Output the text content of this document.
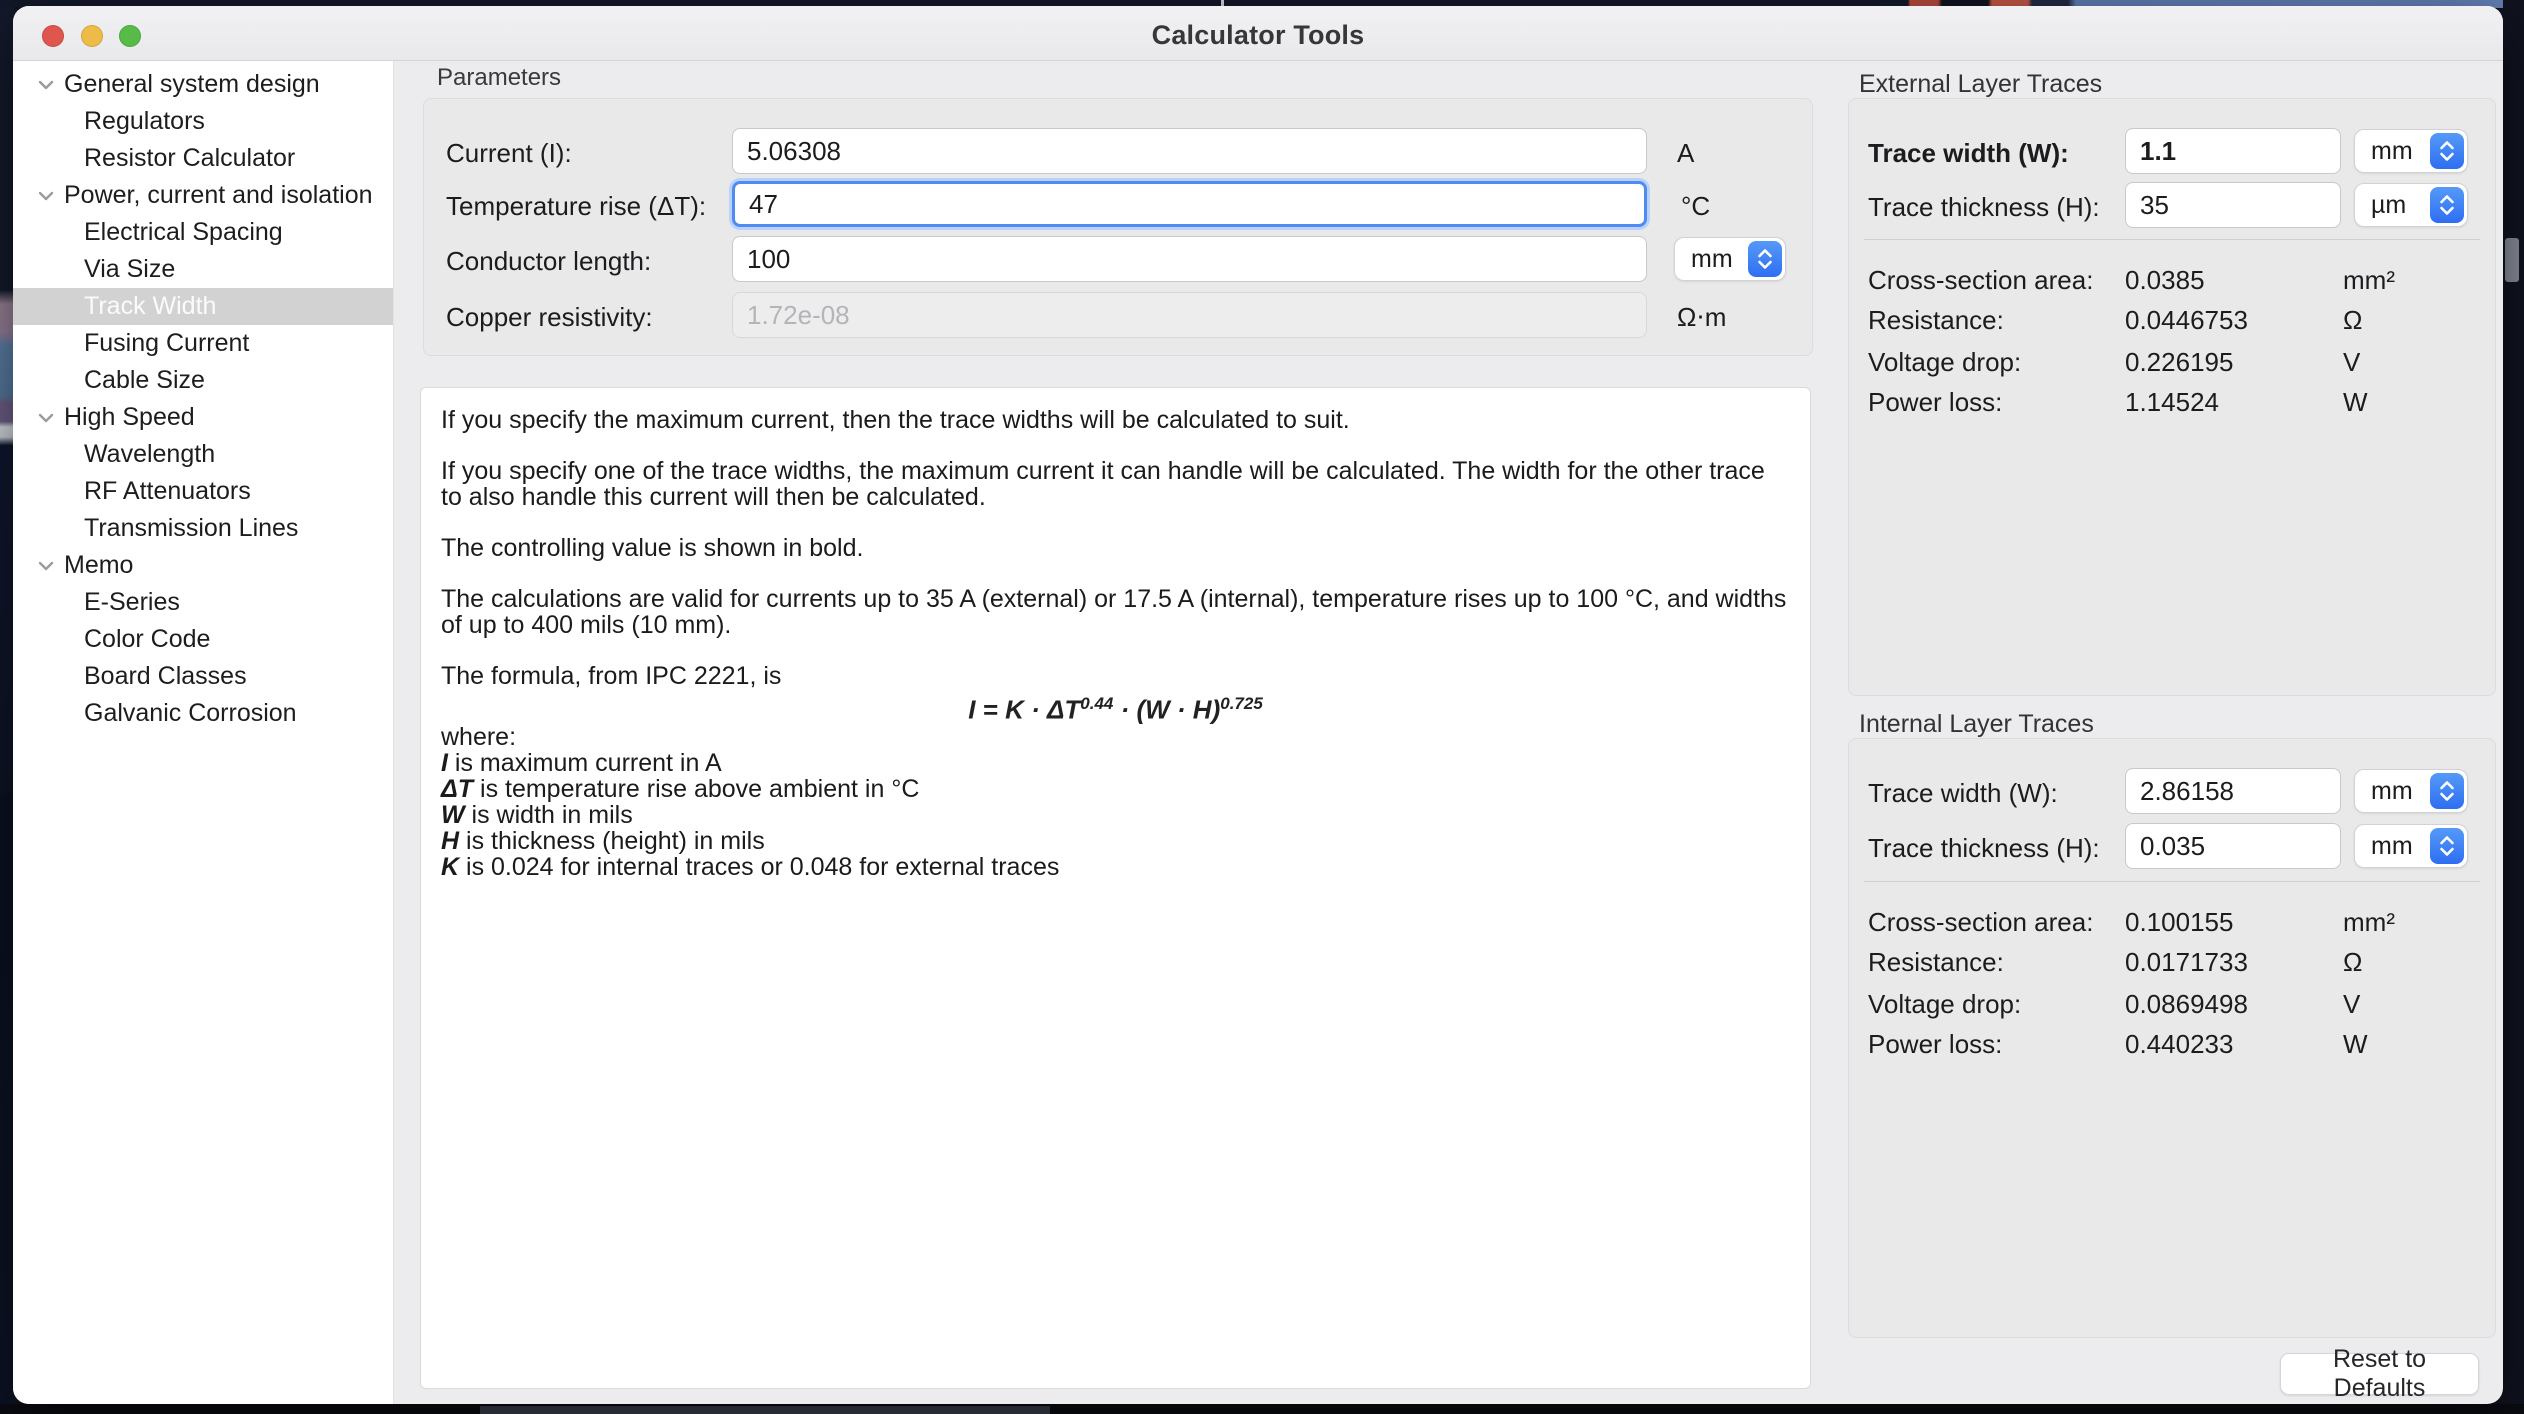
Calculator Tools
General system design
Regulators
Resistor Calculator
Power, current and isolation
Electrical Spacing
Via Size
Track Width
Fusing Current
Cable Size
High Speed
Wavelength
RF Attenuators
Transmission Lines
Memo
E-Series
Color Code
Board Classes
Galvanic Corrosion
Parameters
Current (I):
5.06308	A
Temperature rise (ΔT):
47	°C
Conductor length:
100	mm
Copper resistivity:
1.72e-08	Ω⋅m

If you specify the maximum current, then the trace widths will be calculated to suit.

If you specify one of the trace widths, the maximum current it can handle will be calculated. The width for the other trace to also handle this current will then be calculated.

The controlling value is shown in bold.

The calculations are valid for currents up to 35 A (external) or 17.5 A (internal), temperature rises up to 100 °C, and widths of up to 400 mils (10 mm).

The formula, from IPC 2221, is

$I = K \cdot \Delta T^{0.44} \cdot (W \cdot H)^{0.725}$

where:

I is maximum current in A

ΔT is temperature rise above ambient in °C

W is width in mils

H is thickness (height) in mils

K is 0.024 for internal traces or 0.048 for external traces

External Layer Traces
Trace width (W):
1.1	mm
Trace thickness (H):
35	µm
Cross-section area: 0.0385	mm²
Resistance:	0.0446753	Ω
Voltage drop:	0.226195	V
Power loss:	1.14524	W
Internal Layer Traces
Trace width (W):
2.86158	mm
Trace thickness (H):
0.035	mm
Cross-section area: 0.100155	mm²
Resistance:	0.0171733	Ω
Voltage drop:	0.0869498	V
Power loss:	0.440233	W
Reset to Defaults
